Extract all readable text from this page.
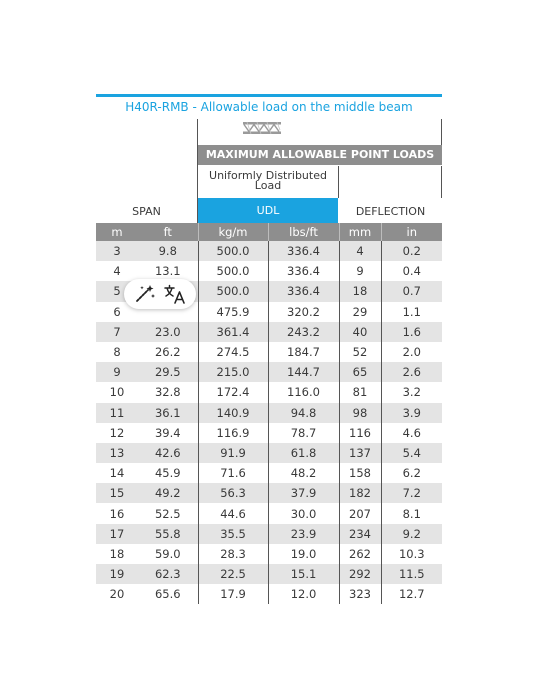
H40R-RMB - Allowable load on the middle beam
MAXIMUM ALLOWABLE POINT LOADS
Uniformly Distributed
Load
SPAN	UDL	DEFLECTION
m	ft	kg/m	lbs/ft	mm	in
3	9.8	500.0	336.4	4	0.2
4	13.1	500.0	336.4	9	0.4
5		500.0	336.4	18	0.7
6		475.9	320.2	29	1.1
7	23.0	361.4	243.2	40	1.6
8	26.2	274.5	184.7	52	2.0
9	29.5	215.0	144.7	65	2.6
10	32.8	172.4	116.0	81	3.2
11	36.1	140.9	94.8	98	3.9
12	39.4	116.9	78.7	116	4.6
13	42.6	91.9	61.8	137	5.4
14	45.9	71.6	48.2	158	6.2
15	49.2	56.3	37.9	182	7.2
16	52.5	44.6	30.0	207	8.1
17	55.8	35.5	23.9	234	9.2
18	59.0	28.3	19.0	262	10.3
19	62.3	22.5	15.1	292	11.5
20	65.6	17.9	12.0	323	12.7
